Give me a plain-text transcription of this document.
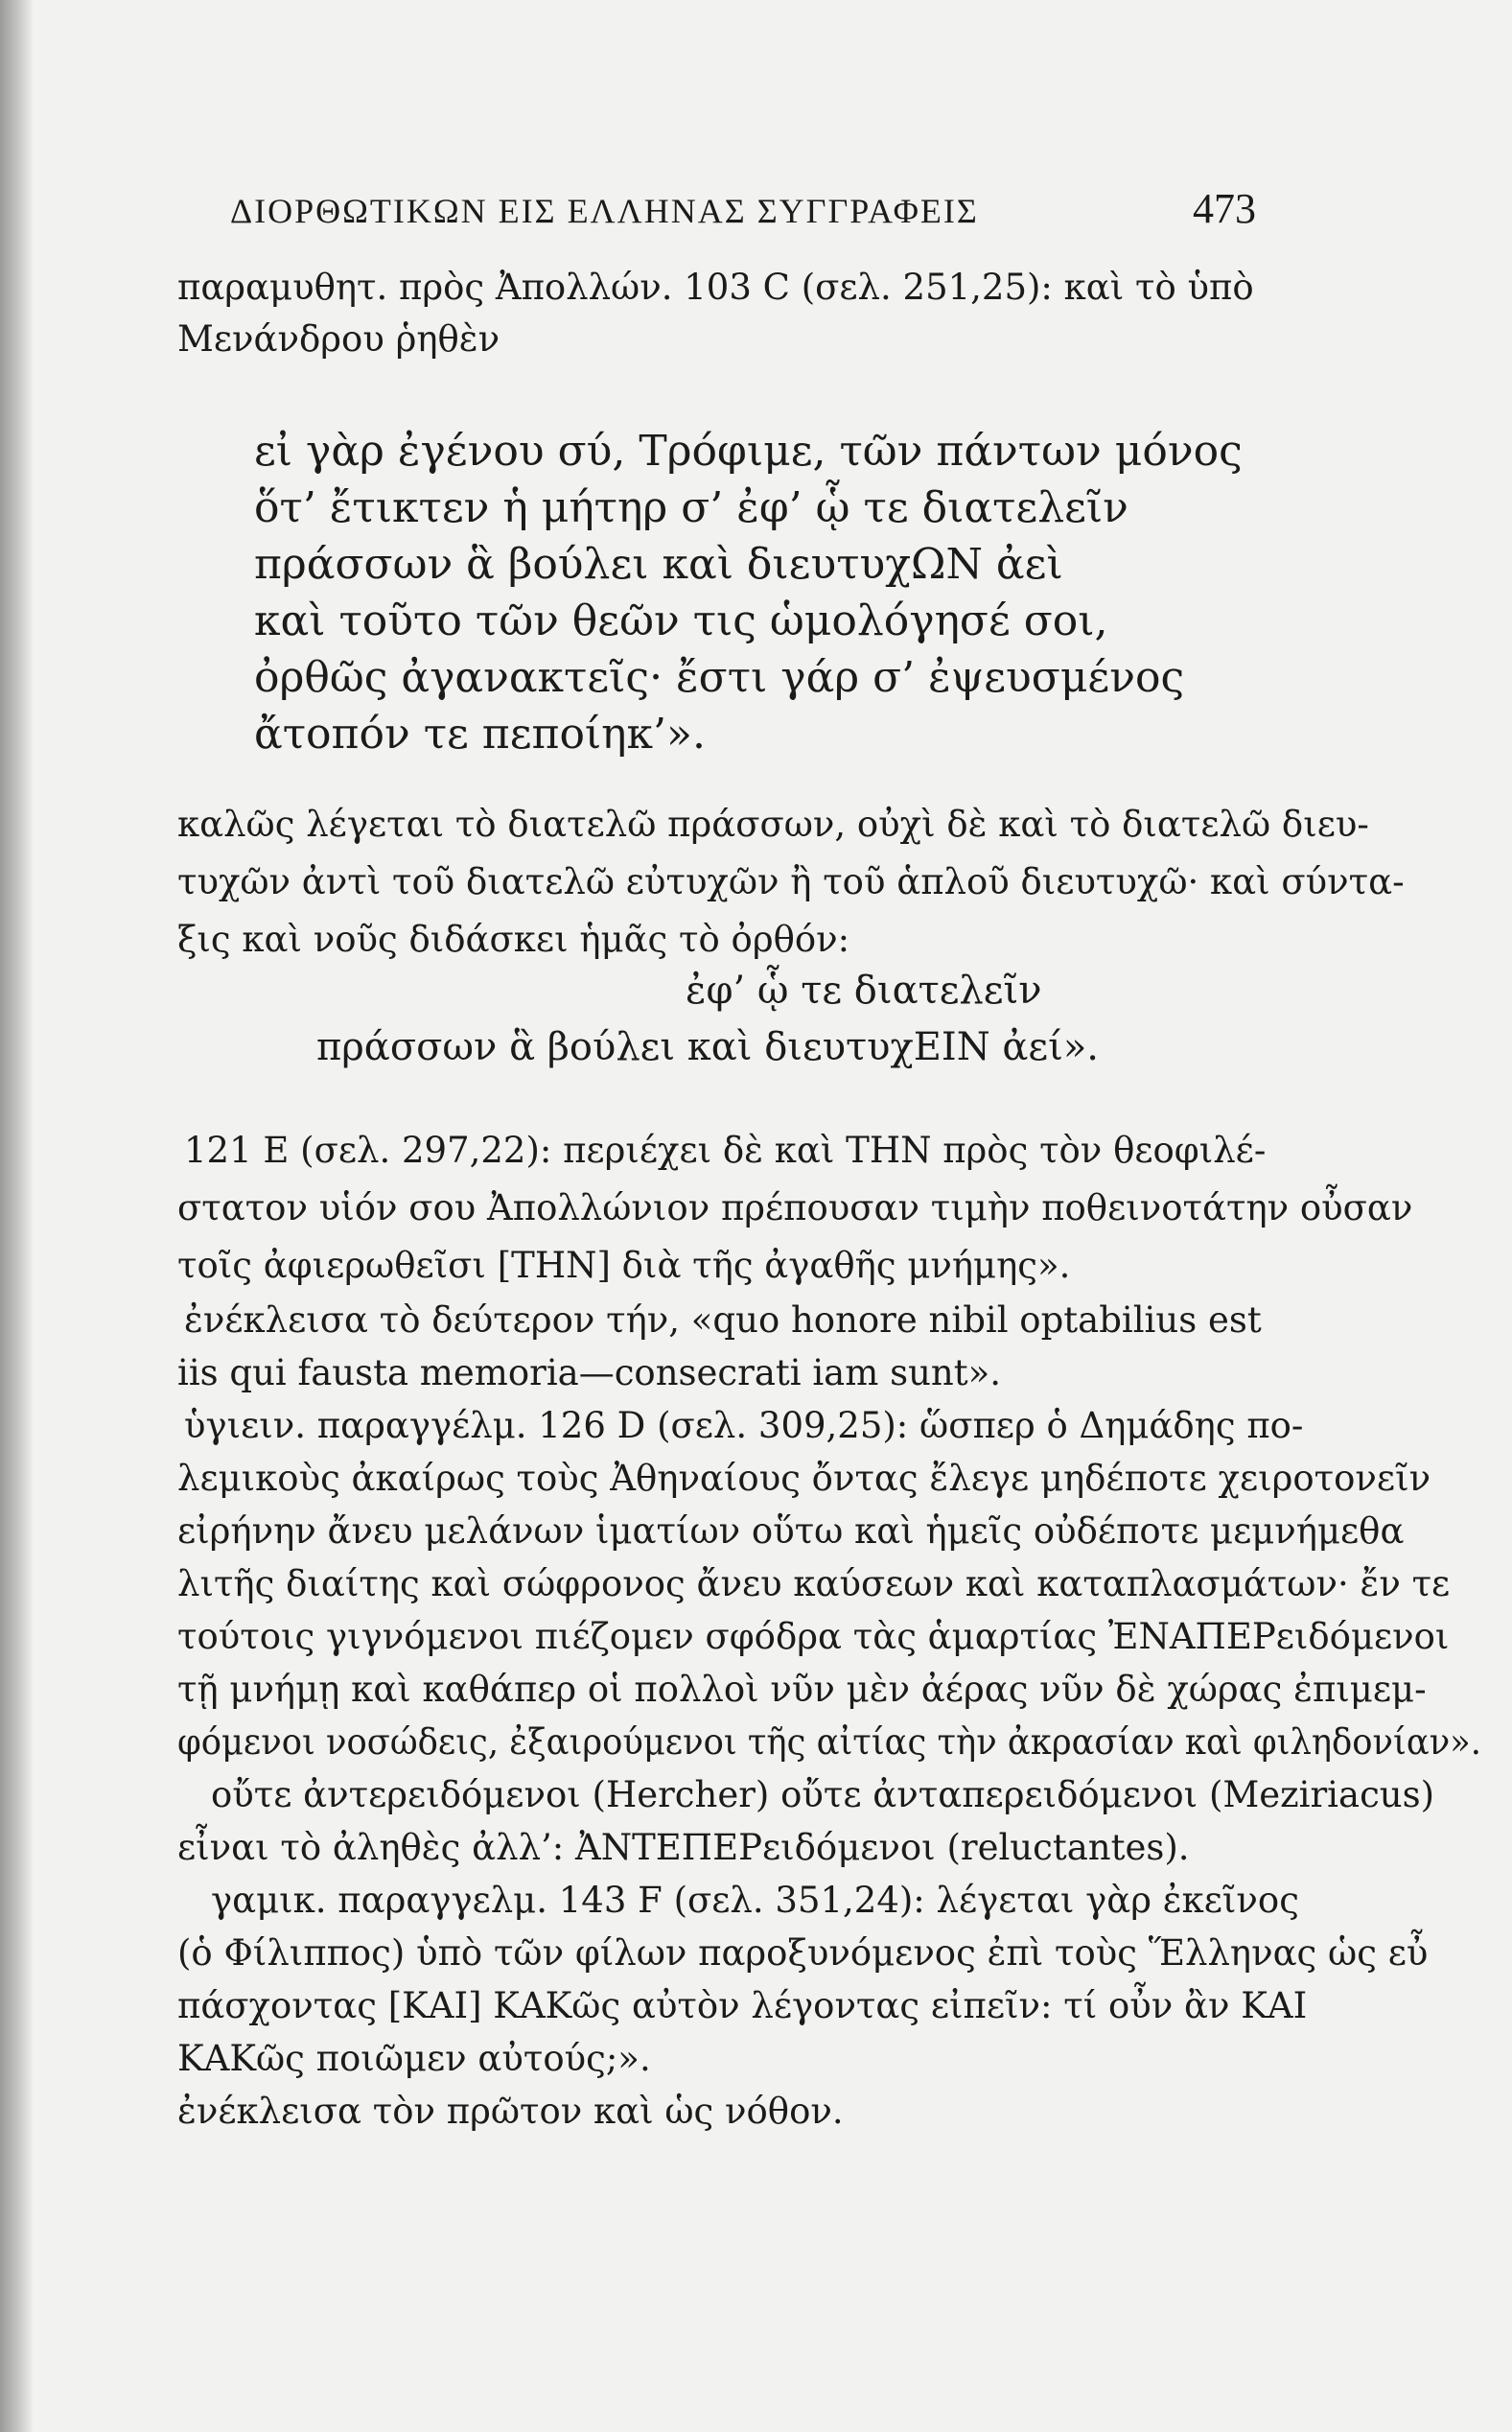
ΔΙΟΡΘΩΤΙΚΩΝ ΕΙΣ ΕΛΛΗΝΑΣ ΣΥΓΓΡΑΦΕΙΣ	473
παραμυθητ. πρὸς Ἀπολλών. 103 C (σελ. 251,25): καὶ τὸ ὑπὸ
Μενάνδρου ῥηθὲν
εἰ γὰρ ἐγένου σύ, Τρόφιμε, τῶν πάντων μόνος
ὅτ’ ἔτικτεν ἡ μήτηρ σ’ ἐφ’ ᾧ τε διατελεῖν
πράσσων ἃ βούλει καὶ διευτυχΩΝ ἀεὶ
καὶ τοῦτο τῶν θεῶν τις ὡμολόγησέ σοι,
ὀρθῶς ἀγανακτεῖς· ἔστι γάρ σ’ ἐψευσμένος
ἄτοπόν τε πεποίηκ’».
καλῶς λέγεται τὸ διατελῶ πράσσων, οὐχὶ δὲ καὶ τὸ διατελῶ διευ-
τυχῶν ἀντὶ τοῦ διατελῶ εὐτυχῶν ἢ τοῦ ἁπλοῦ διευτυχῶ· καὶ σύντα-
ξις καὶ νοῦς διδάσκει ἡμᾶς τὸ ὀρθόν:
ἐφ’ ᾧ τε διατελεῖν
πράσσων ἃ βούλει καὶ διευτυχΕΙΝ ἀεί».
121 E (σελ. 297,22): περιέχει δὲ καὶ ΤΗΝ πρὸς τὸν θεοφιλέ-
στατον υἱόν σου Ἀπολλώνιον πρέπουσαν τιμὴν ποθεινοτάτην οὖσαν
τοῖς ἀφιερωθεῖσι [ΤΗΝ] διὰ τῆς ἀγαθῆς μνήμης».
ἐνέκλεισα τὸ δεύτερον τήν, «quo honore nibil optabilius est
iis qui fausta memoria—consecrati iam sunt».
ὑγιειν. παραγγέλμ. 126 D (σελ. 309,25): ὥσπερ ὁ Δημάδης πο-
λεμικοὺς ἀκαίρως τοὺς Ἀθηναίους ὄντας ἔλεγε μηδέποτε χειροτονεῖν
εἰρήνην ἄνευ μελάνων ἱματίων οὕτω καὶ ἡμεῖς οὐδέποτε μεμνήμεθα
λιτῆς διαίτης καὶ σώφρονος ἄνευ καύσεων καὶ καταπλασμάτων· ἔν τε
τούτοις γιγνόμενοι πιέζομεν σφόδρα τὰς ἁμαρτίας ἘΝΑΠΕΡειδόμενοι
τῇ μνήμῃ καὶ καθάπερ οἱ πολλοὶ νῦν μὲν ἀέρας νῦν δὲ χώρας ἐπιμεμ-
φόμενοι νοσώδεις, ἐξαιρούμενοι τῆς αἰτίας τὴν ἀκρασίαν καὶ φιληδονίαν».
οὔτε ἀντερειδόμενοι (Hercher) οὔτε ἀνταπερειδόμενοι (Meziriacus)
εἶναι τὸ ἀληθὲς ἀλλ’: ἈΝΤΕΠΕΡειδόμενοι (reluctantes).
γαμικ. παραγγελμ. 143 F (σελ. 351,24): λέγεται γὰρ ἐκεῖνος
(ὁ Φίλιππος) ὑπὸ τῶν φίλων παροξυνόμενος ἐπὶ τοὺς Ἕλληνας ὡς εὖ
πάσχοντας [ΚΑΙ] ΚΑΚῶς αὐτὸν λέγοντας εἰπεῖν: τί οὖν ἂν ΚΑΙ
ΚΑΚῶς ποιῶμεν αὐτούς;».
ἐνέκλεισα τὸν πρῶτον καὶ ὡς νόθον.
